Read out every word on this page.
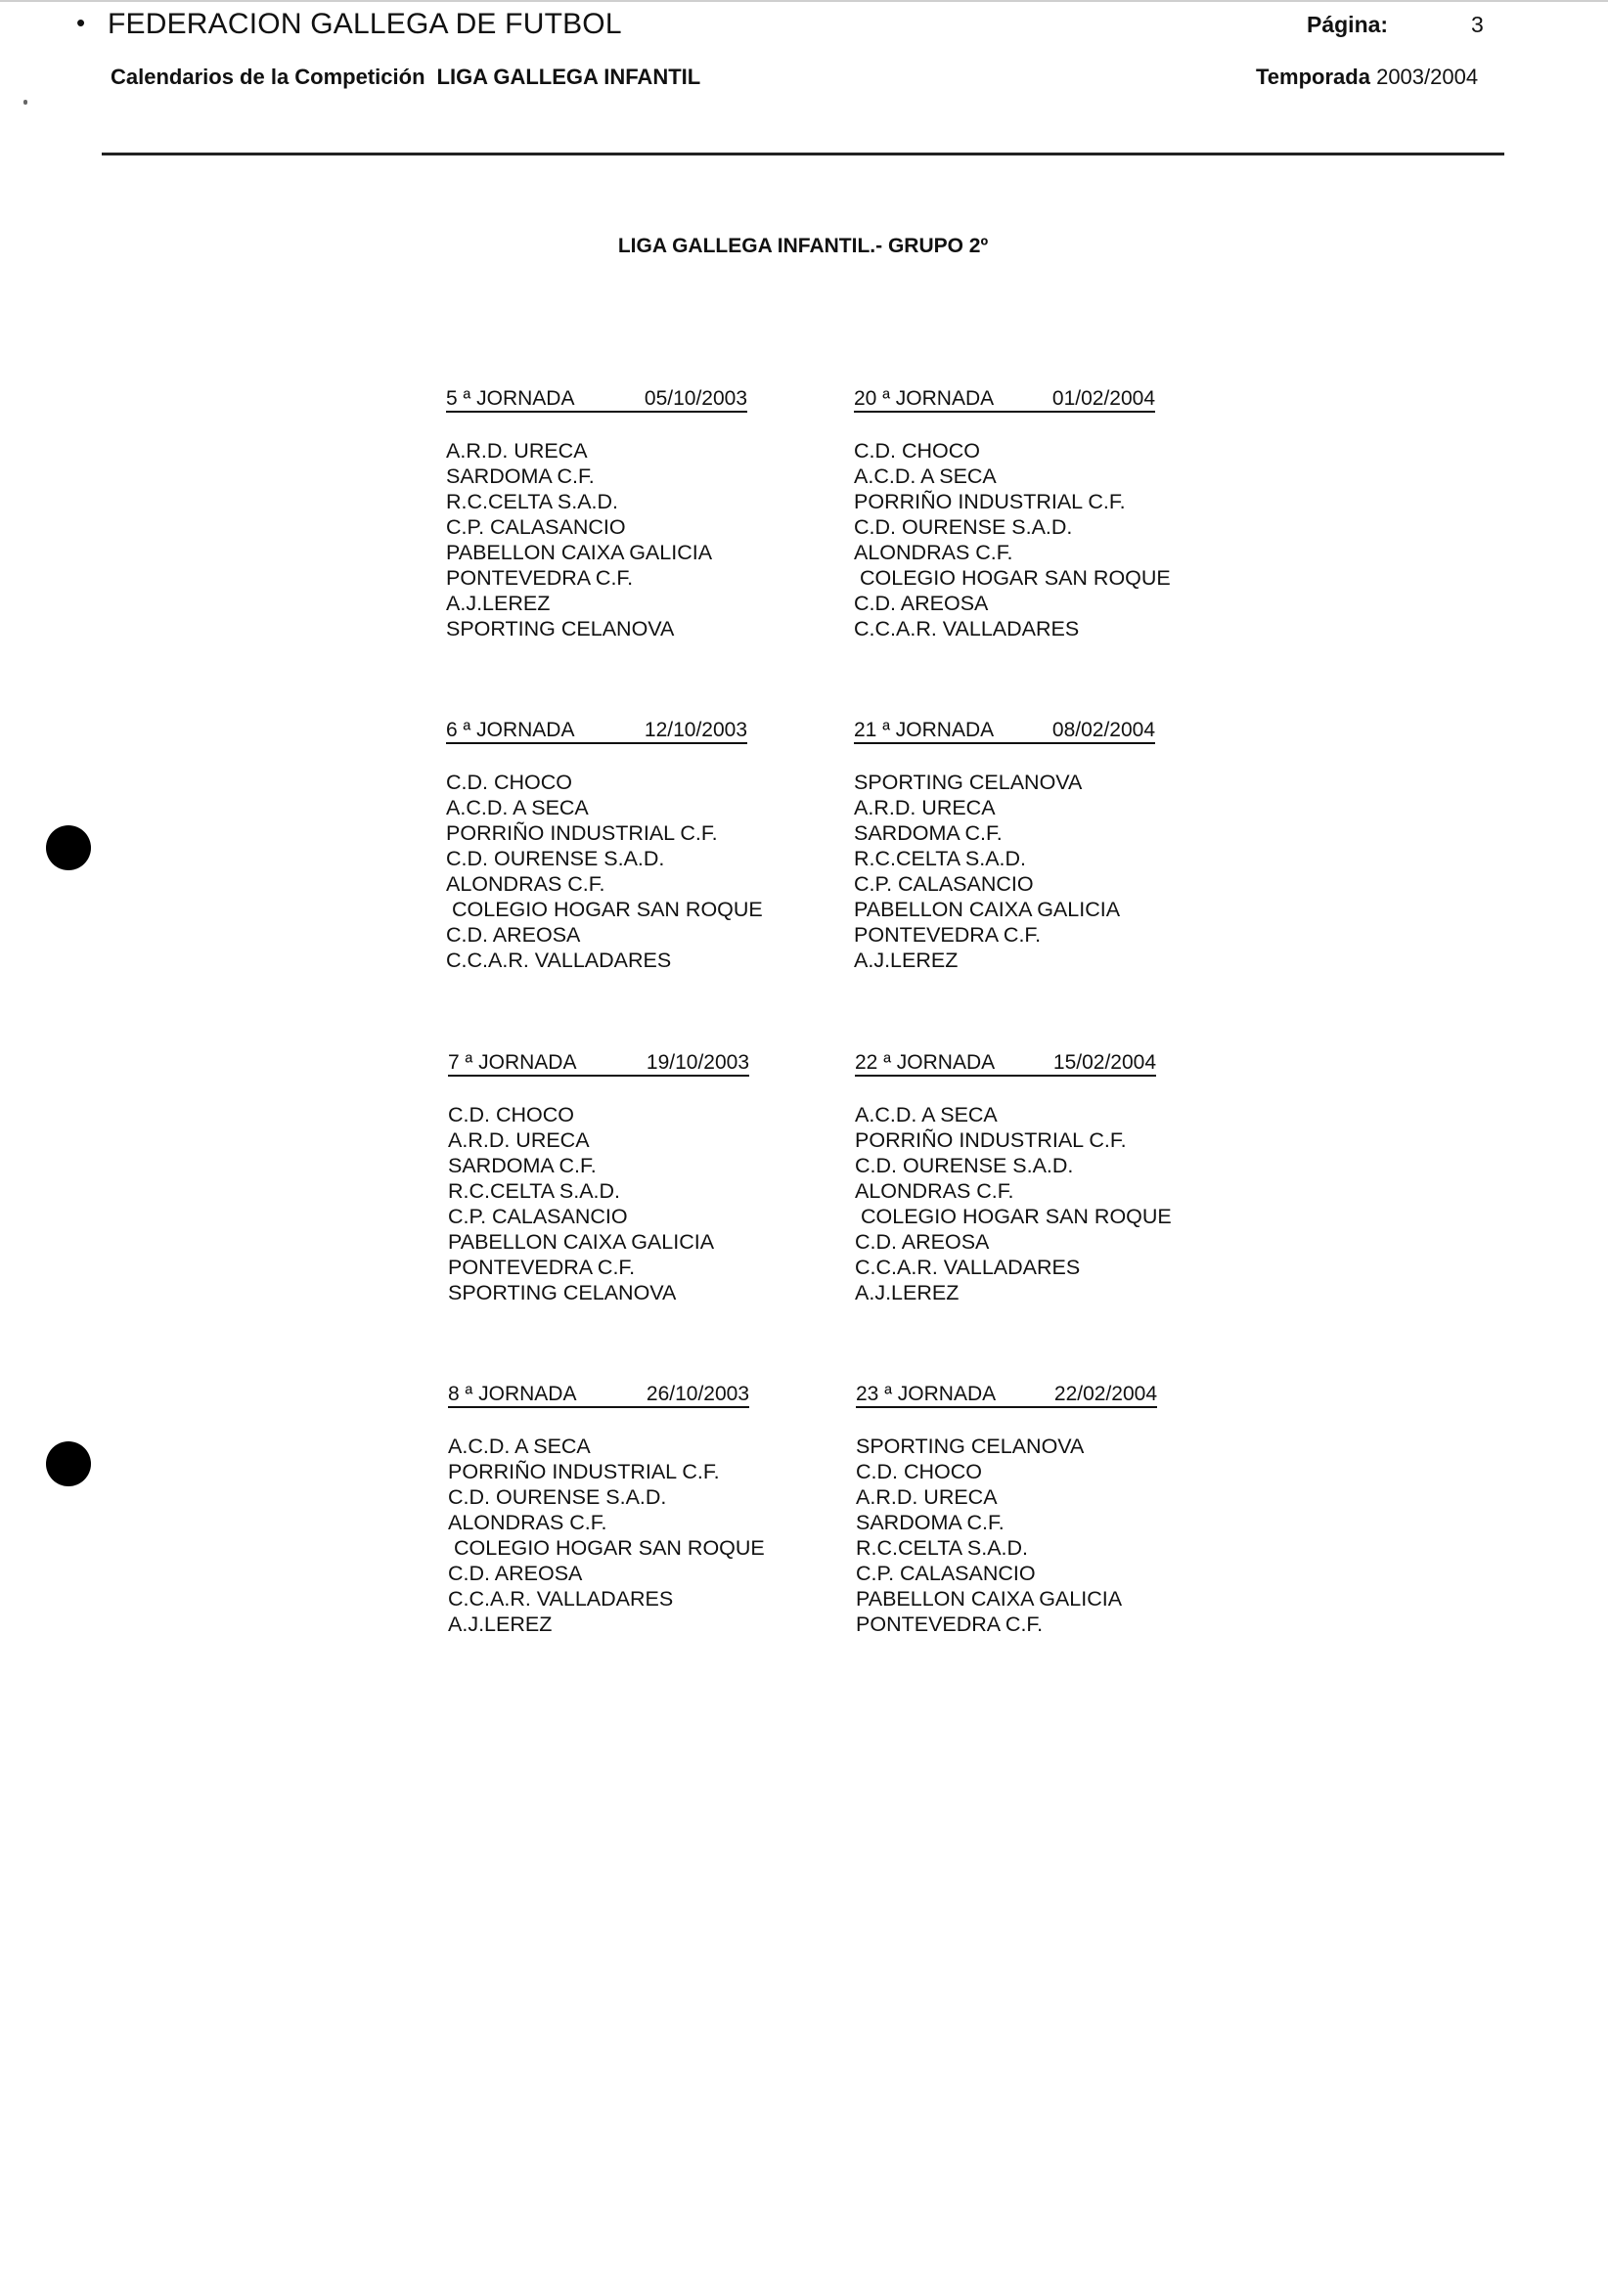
• FEDERACION GALLEGA DE FUTBOL	Página:	3
Calendarios de la Competición LIGA GALLEGA INFANTIL	Temporada 2003/2004
LIGA GALLEGA INFANTIL.- GRUPO 2º
5 ª JORNADA	05/10/2003
A.R.D. URECA
SARDOMA C.F.
R.C.CELTA S.A.D.
C.P. CALASANCIO
PABELLON CAIXA GALICIA
PONTEVEDRA C.F.
A.J.LEREZ
SPORTING CELANOVA
20 ª JORNADA	01/02/2004
C.D. CHOCO
A.C.D. A SECA
PORRIÑO INDUSTRIAL C.F.
C.D. OURENSE S.A.D.
ALONDRAS C.F.
COLEGIO HOGAR SAN ROQUE
C.D. AREOSA
C.C.A.R. VALLADARES
6 ª JORNADA	12/10/2003
C.D. CHOCO
A.C.D. A SECA
PORRIÑO INDUSTRIAL C.F.
C.D. OURENSE S.A.D.
ALONDRAS C.F.
COLEGIO HOGAR SAN ROQUE
C.D. AREOSA
C.C.A.R. VALLADARES
21 ª JORNADA	08/02/2004
SPORTING CELANOVA
A.R.D. URECA
SARDOMA C.F.
R.C.CELTA S.A.D.
C.P. CALASANCIO
PABELLON CAIXA GALICIA
PONTEVEDRA C.F.
A.J.LEREZ
7 ª JORNADA	19/10/2003
C.D. CHOCO
A.R.D. URECA
SARDOMA C.F.
R.C.CELTA S.A.D.
C.P. CALASANCIO
PABELLON CAIXA GALICIA
PONTEVEDRA C.F.
SPORTING CELANOVA
22 ª JORNADA	15/02/2004
A.C.D. A SECA
PORRIÑO INDUSTRIAL C.F.
C.D. OURENSE S.A.D.
ALONDRAS C.F.
COLEGIO HOGAR SAN ROQUE
C.D. AREOSA
C.C.A.R. VALLADARES
A.J.LEREZ
8 ª JORNADA	26/10/2003
A.C.D. A SECA
PORRIÑO INDUSTRIAL C.F.
C.D. OURENSE S.A.D.
ALONDRAS C.F.
COLEGIO HOGAR SAN ROQUE
C.D. AREOSA
C.C.A.R. VALLADARES
A.J.LEREZ
23 ª JORNADA	22/02/2004
SPORTING CELANOVA
C.D. CHOCO
A.R.D. URECA
SARDOMA C.F.
R.C.CELTA S.A.D.
C.P. CALASANCIO
PABELLON CAIXA GALICIA
PONTEVEDRA C.F.
